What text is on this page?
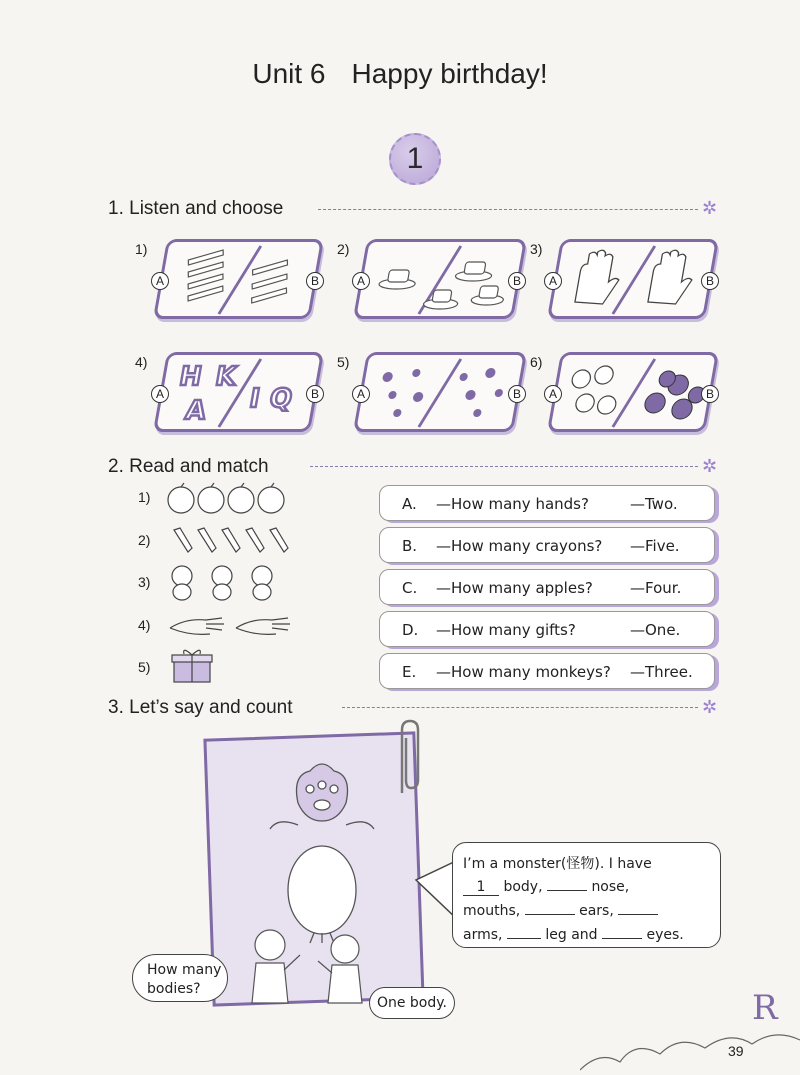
Unit 6 Happy birthday!
1
1. Listen and choose	✲
1)
A	B
2)
A	B
3)
A	B
4)
H K
A I Q
A	B
5)
A	B
6)
A	B
2. Read and match	✲
1)
2)
3)
4)
5)
A. —How many hands?	—Two.
B. —How many crayons? —Five.
C. —How many apples? —Four.
D. —How many gifts?	—One.
E. —How many monkeys? —Three.
3. Let’s say and count	✲
I’m a monster(怪物). I have
1 body,	nose,
mouths,	ears,
arms,	leg and	eyes.
How many bodies?
One body.	R
39
